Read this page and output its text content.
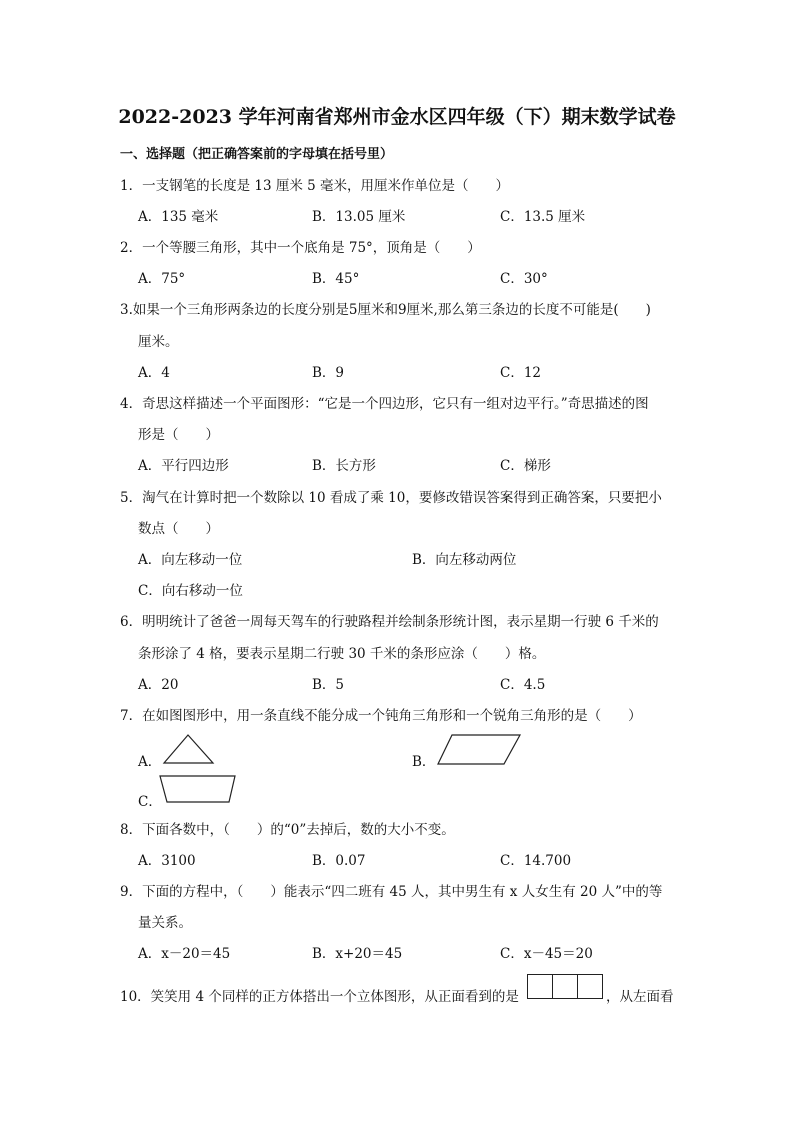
2022-2023 学年河南省郑州市金水区四年级（下）期末数学试卷
一、选择题（把正确答案前的字母填在括号里）
1．一支钢笔的长度是 13 厘米 5 毫米，用厘米作单位是（　　）
A．135 毫米	B．13.05 厘米	C．13.5 厘米
2．一个等腰三角形，其中一个底角是 75°，顶角是（　　）
A．75°	B．45°	C．30°
3.如果一个三角形两条边的长度分别是5厘米和9厘米,那么第三条边的长度不可能是(　　)
厘米。
A．4	B．9	C．12
4．奇思这样描述一个平面图形：“它是一个四边形，它只有一组对边平行。”奇思描述的图
形是（　　）
A．平行四边形	B．长方形	C．梯形
5．淘气在计算时把一个数除以 10 看成了乘 10，要修改错误答案得到正确答案，只要把小
数点（　　）
A．向左移动一位	B．向左移动两位
C．向右移动一位
6．明明统计了爸爸一周每天驾车的行驶路程并绘制条形统计图，表示星期一行驶 6 千米的
条形涂了 4 格，要表示星期二行驶 30 千米的条形应涂（　　）格。
A．20	B．5	C．4.5
7．在如图图形中，用一条直线不能分成一个钝角三角形和一个锐角三角形的是（　　）
A．	B．
C．
8．下面各数中，（　　）的“0”去掉后，数的大小不变。
A．3100	B．0.07	C．14.700
9．下面的方程中，（　　）能表示“四二班有 45 人，其中男生有 x 人女生有 20 人”中的等
量关系。
A．x－20＝45	B．x+20＝45	C．x－45＝20
10．笑笑用 4 个同样的正方体搭出一个立体图形，从正面看到的是	，从左面看
